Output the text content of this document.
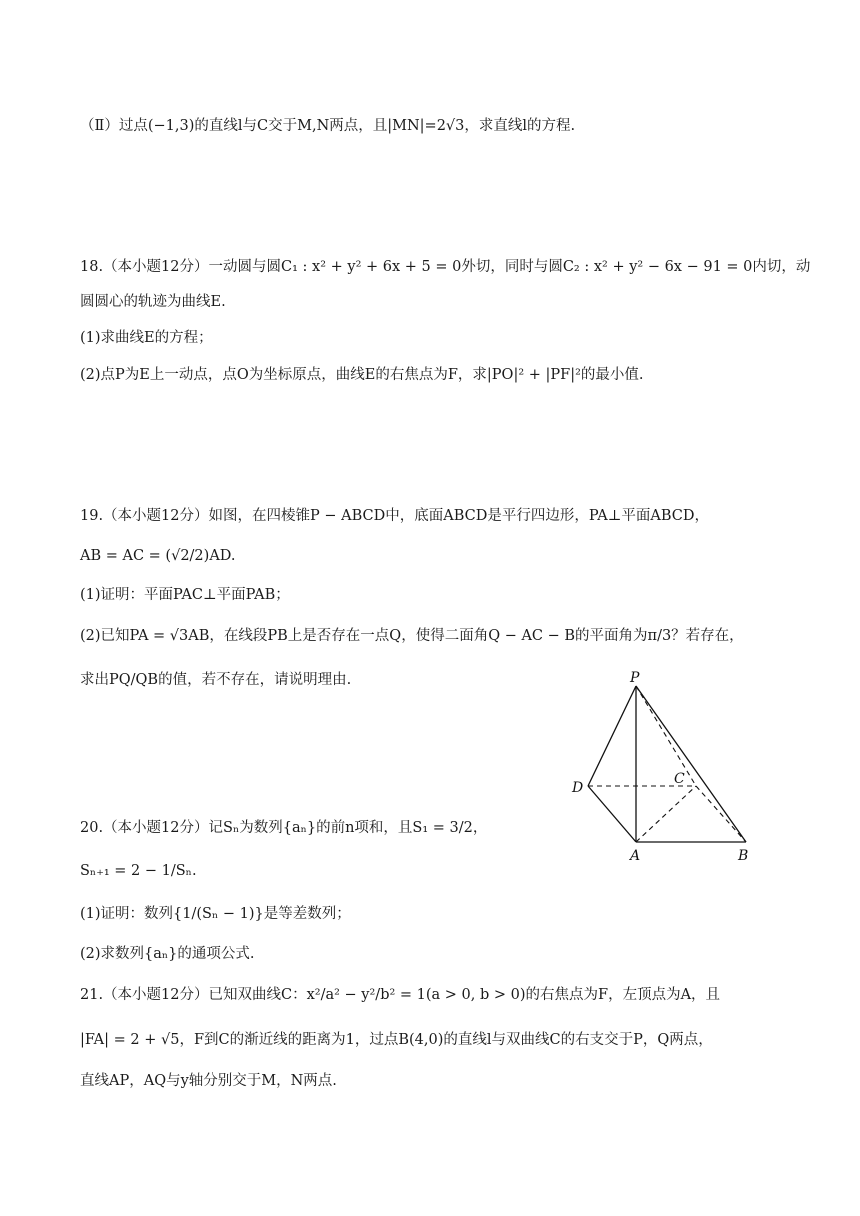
（Ⅱ）过点(−1,3)的直线l与C交于M,N两点，且|MN|=2√3，求直线l的方程.
18.（本小题12分）一动圆与圆C₁ : x² + y² + 6x + 5 = 0外切，同时与圆C₂ : x² + y² − 6x − 91 = 0内切，动
圆圆心的轨迹为曲线E.
(1)求曲线E的方程；
(2)点P为E上一动点，点O为坐标原点，曲线E的右焦点为F，求|PO|² + |PF|²的最小值.
19.（本小题12分）如图，在四棱锥P − ABCD中，底面ABCD是平行四边形，PA⊥平面ABCD，
AB = AC = (√2/2)AD.
(1)证明：平面PAC⊥平面PAB；
(2)已知PA = √3AB，在线段PB上是否存在一点Q，使得二面角Q − AC − B的平面角为π/3？若存在，
求出PQ/QB的值，若不存在，请说明理由.	P
D
C
A	B
20.（本小题12分）记Sₙ为数列{aₙ}的前n项和，且S₁ = 3/2，
Sₙ₊₁ = 2 − 1/Sₙ.
(1)证明：数列{1/(Sₙ − 1)}是等差数列；
(2)求数列{aₙ}的通项公式.
21.（本小题12分）已知双曲线C：x²/a² − y²/b² = 1(a > 0, b > 0)的右焦点为F，左顶点为A，且
|FA| = 2 + √5，F到C的渐近线的距离为1，过点B(4,0)的直线l与双曲线C的右支交于P，Q两点，
直线AP，AQ与y轴分别交于M，N两点.
